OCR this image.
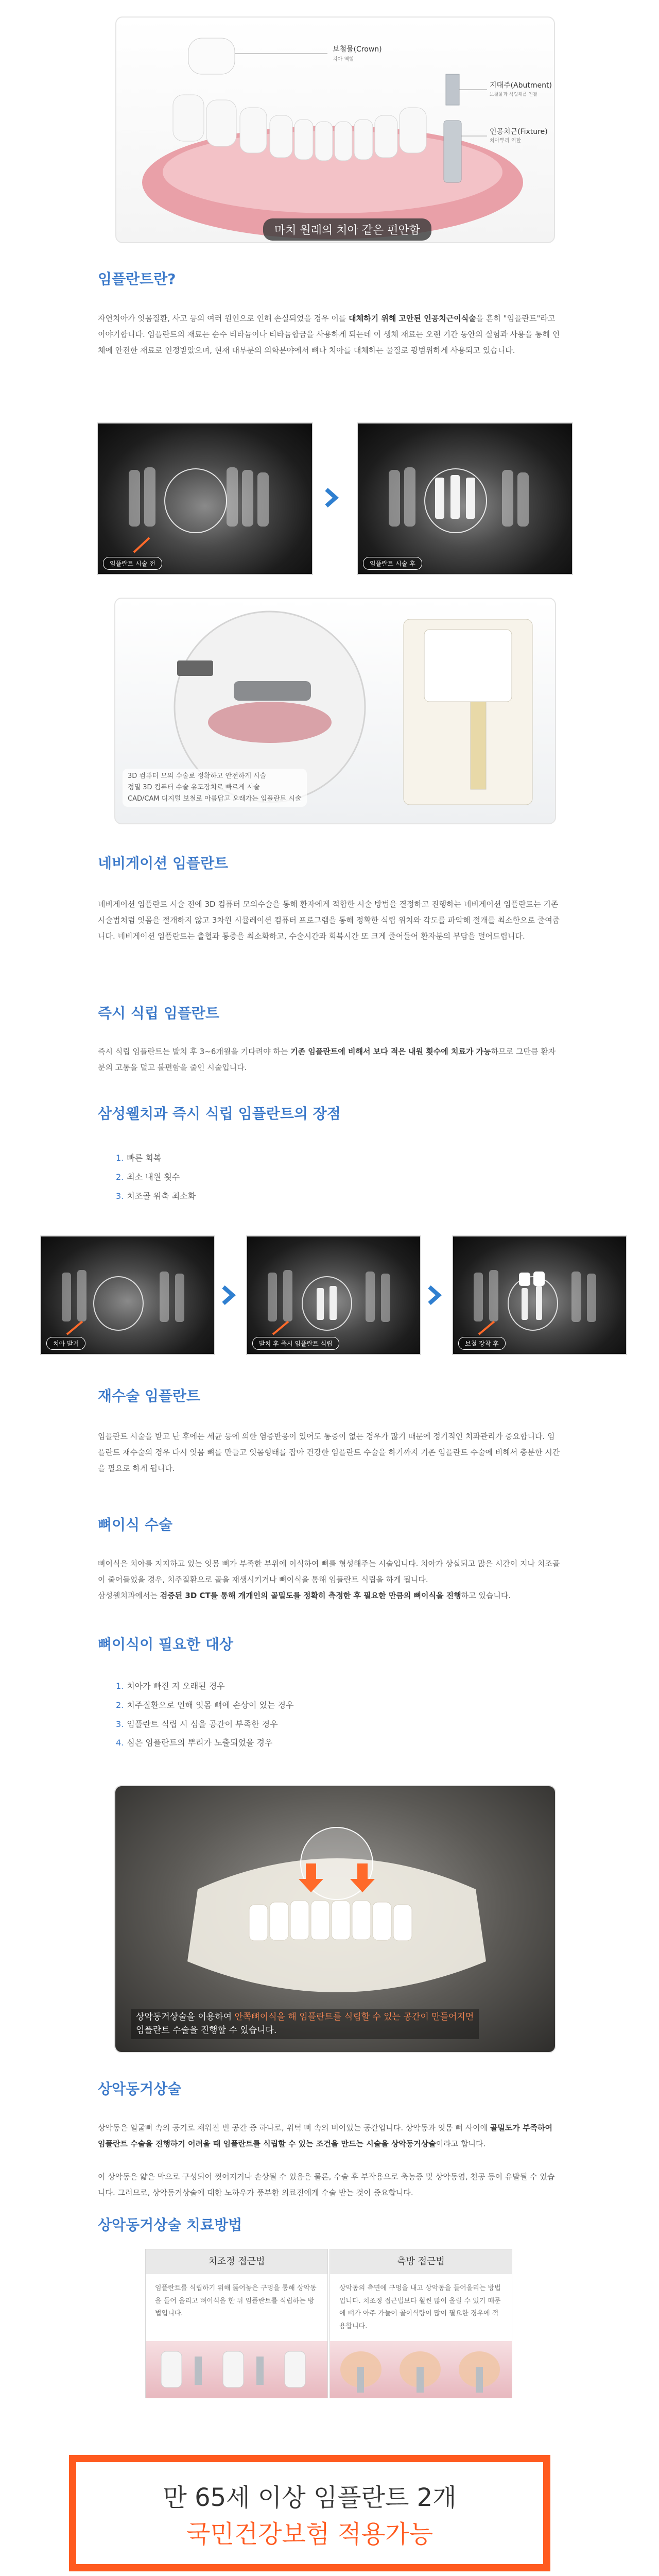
보철물(Crown)
치아 역할
지대주(Abutment)
보철물과 식립체를 연결
인공치근(Fixture)
치아뿌리 역할
마치 원래의 치아 같은 편안함
임플란트란?

자연치아가 잇몸질환, 사고 등의 여러 원인으로 인해 손실되었을 경우 이를 대체하기 위해 고안된 인공치근이식술을 흔히 "임플란트"라고 이야기합니다. 임플란트의 재료는 순수 티타늄이나 티타늄합금을 사용하게 되는데 이 생체 재료는 오랜 기간 동안의 실험과 사용을 통해 인체에 안전한 재료로 인정받았으며, 현재 대부분의 의학분야에서 뼈나 치아를 대체하는 물질로 광범위하게 사용되고 있습니다.

임플란트 시술 전	임플란트 시술 후
3D 컴퓨터 모의 수술로 정확하고 안전하게 시술
정밀 3D 컴퓨터 수술 유도장치로 빠르게 시술
CAD/CAM 디지털 보철로 아름답고 오래가는 임플란트 시술
네비게이션 임플란트

네비게이션 임플란트 시술 전에 3D 컴퓨터 모의수술을 통해 환자에게 적합한 시술 방법을 결정하고 진행하는 네비게이션 임플란트는 기존 시술법처럼 잇몸을 절개하지 않고 3차원 시뮬레이션 컴퓨터 프로그램을 통해 정확한 식립 위치와 각도를 파악해 절개를 최소한으로 줄여줍니다. 네비게이션 임플란트는 출혈과 통증을 최소화하고, 수술시간과 회복시간 또 크게 줄어들어 환자분의 부담을 덜어드립니다.

즉시 식립 임플란트

즉시 식립 임플란트는 발치 후 3~6개월을 기다려야 하는 기존 임플란트에 비해서 보다 적은 내원 횟수에 치료가 가능하므로 그만큼 환자분의 고통을 덜고 불편함을 줄인 시술입니다.

삼성웰치과 즉시 식립 임플란트의 장점
1. 빠른 회복
2. 최소 내원 횟수
3. 치조골 위축 최소화
치아 발거	발치 후 즉시 임플란트 식립	보철 장착 후
재수술 임플란트

임플란트 시술을 받고 난 후에는 세균 등에 의한 염증반응이 있어도 통증이 없는 경우가 많기 때문에 정기적인 치과관리가 중요합니다. 임플란트 재수술의 경우 다시 잇몸 뼈를 만들고 잇몸형태를 잡아 건강한 임플란트 수술을 하기까지 기존 임플란트 수술에 비해서 충분한 시간을 필요로 하게 됩니다.

뼈이식 수술

뼈이식은 치아를 지지하고 있는 잇몸 뼈가 부족한 부위에 이식하여 뼈를 형성해주는 시술입니다. 치아가 상실되고 많은 시간이 지나 치조골이 줄어들었을 경우, 치주질환으로 골을 재생시키거나 뼈이식을 통해 임플란트 식립을 하게 됩니다.
삼성웰치과에서는 검증된 3D CT를 통해 개개인의 골밀도를 정확히 측정한 후 필요한 만큼의 뼈이식을 진행하고 있습니다.

뼈이식이 필요한 대상
1. 치아가 빠진 지 오래된 경우
2. 치주질환으로 인해 잇몸 뼈에 손상이 있는 경우
3. 임플란트 식립 시 심을 공간이 부족한 경우
4. 심은 임플란트의 뿌리가 노출되었을 경우
상악동거상술을 이용하여 안쪽뼈이식을 해 임플란트를 식립할 수 있는 공간이 만들어지면
임플란트 수술을 진행할 수 있습니다.
상악동거상술

상악동은 얼굴뼈 속의 공기로 채워진 빈 공간 중 하나로, 위턱 뼈 속의 비어있는 공간입니다. 상악동과 잇몸 뼈 사이에 골밀도가 부족하여 임플란트 수술을 진행하기 어려울 때 임플란트를 식립할 수 있는 조건을 만드는 시술을 상악동거상술이라고 합니다.

이 상악동은 얇은 막으로 구성되어 찢어지거나 손상될 수 있음은 물론, 수술 후 부작용으로 축농증 및 상악동염, 천공 등이 유발될 수 있습니다. 그러므로, 상악동거상술에 대한 노하우가 풍부한 의료진에게 수술 받는 것이 중요합니다.

상악동거상술 치료방법
치조정 접근법
임플란트를 식립하기 위해 뚫어놓은 구멍을 통해 상악동을 들어 올리고 뼈이식을 한 뒤 임플란트를 식립하는 방법입니다.
측방 접근법
상악동의 측면에 구멍을 내고 상악동을 들어올리는 방법입니다. 치조정 접근법보다 훨씬 많이 올릴 수 있기 때문에 뼈가 아주 가늘어 골이식량이 많이 필요한 경우에 적용합니다.
만 65세 이상 임플란트 2개
국민건강보험 적용가능
